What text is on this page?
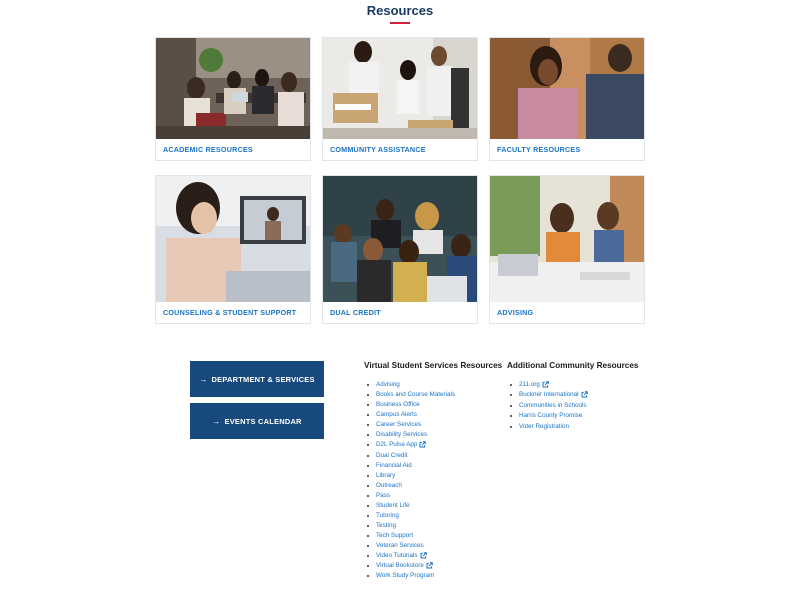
Resources
ACADEMIC RESOURCES	COMMUNITY ASSISTANCE	FACULTY RESOURCES
COUNSELING & STUDENT SUPPORT	DUAL CREDIT	ADVISING
→ DEPARTMENT & SERVICES
→ EVENTS CALENDAR
Virtual Student Services Resources
Advising
Books and Course Materials
Business Office
Campus Alerts
Career Services
Disability Services
D2L Pulse App
Dual Credit
Financial Aid
Library
Outreach
Pass
Student Life
Tutoring
Testing
Tech Support
Veteran Services
Video Tutorials
Virtual Bookstore
Work Study Program
Additional Community Resources
211.org
Buckner International
Communities in Schools
Harris County Promise
Voter Registration
